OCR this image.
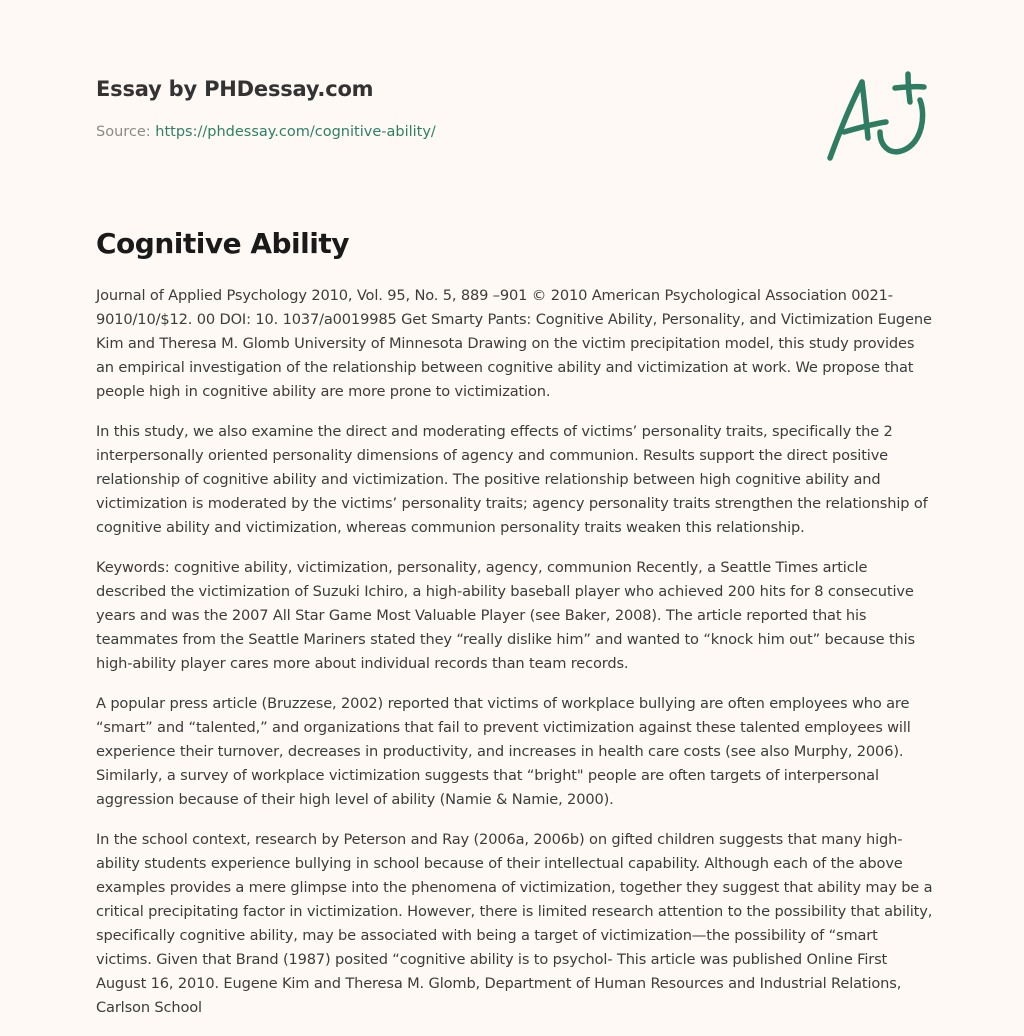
Essay by PHDessay.com
Source: https://phdessay.com/cognitive-ability/
Cognitive Ability

Journal of Applied Psychology 2010, Vol. 95, No. 5, 889 –901 © 2010 American Psychological Association 0021-9010/10/$12. 00 DOI: 10. 1037/a0019985 Get Smarty Pants: Cognitive Ability, Personality, and Victimization Eugene Kim and Theresa M. Glomb University of Minnesota Drawing on the victim precipitation model, this study provides an empirical investigation of the relationship between cognitive ability and victimization at work. We propose that people high in cognitive ability are more prone to victimization.

In this study, we also examine the direct and moderating effects of victims’ personality traits, specifically the 2 interpersonally oriented personality dimensions of agency and communion. Results support the direct positive relationship of cognitive ability and victimization. The positive relationship between high cognitive ability and victimization is moderated by the victims’ personality traits; agency personality traits strengthen the relationship of cognitive ability and victimization, whereas communion personality traits weaken this relationship.

Keywords: cognitive ability, victimization, personality, agency, communion Recently, a Seattle Times article described the victimization of Suzuki Ichiro, a high-ability baseball player who achieved 200 hits for 8 consecutive years and was the 2007 All Star Game Most Valuable Player (see Baker, 2008). The article reported that his teammates from the Seattle Mariners stated they “really dislike him” and wanted to “knock him out” because this high-ability player cares more about individual records than team records.

A popular press article (Bruzzese, 2002) reported that victims of workplace bullying are often employees who are “smart” and “talented,” and organizations that fail to prevent victimization against these talented employees will experience their turnover, decreases in productivity, and increases in health care costs (see also Murphy, 2006). Similarly, a survey of workplace victimization suggests that “bright" people are often targets of interpersonal aggression because of their high level of ability (Namie & Namie, 2000).

In the school context, research by Peterson and Ray (2006a, 2006b) on gifted children suggests that many high-ability students experience bullying in school because of their intellectual capability. Although each of the above examples provides a mere glimpse into the phenomena of victimization, together they suggest that ability may be a critical precipitating factor in victimization. However, there is limited research attention to the possibility that ability, specifically cognitive ability, may be associated with being a target of victimization—the possibility of “smart victims. Given that Brand (1987) posited “cognitive ability is to psychol- This article was published Online First August 16, 2010. Eugene Kim and Theresa M. Glomb, Department of Human Resources and Industrial Relations, Carlson School
